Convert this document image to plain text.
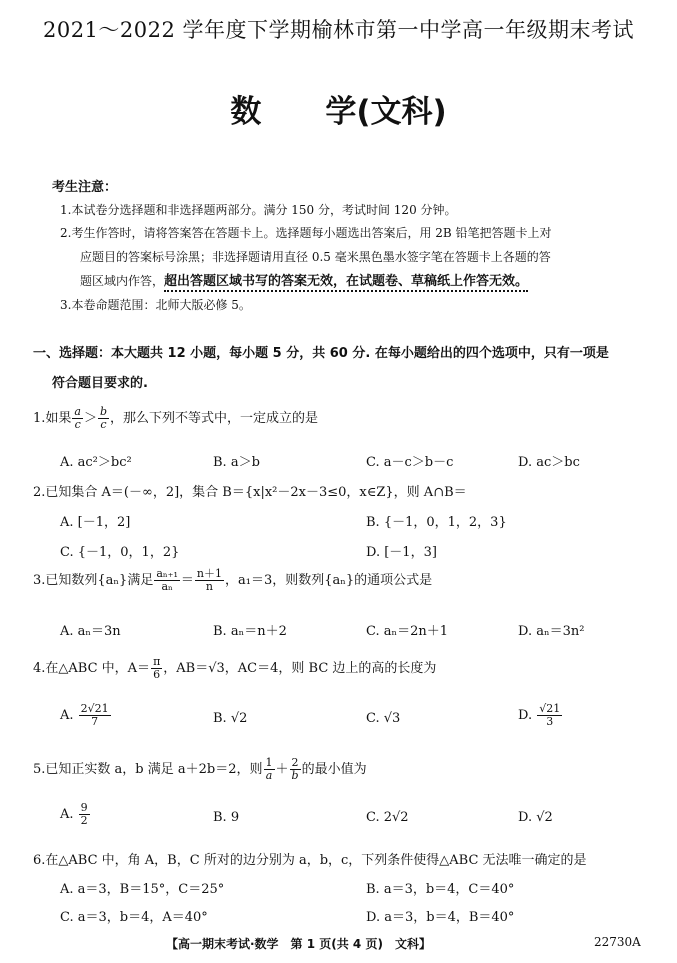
2021～2022 学年度下学期榆林市第一中学高一年级期末考试
数 学(文科)
考生注意：
1.本试卷分选择题和非选择题两部分。满分 150 分，考试时间 120 分钟。
2.考生作答时，请将答案答在答题卡上。选择题每小题选出答案后，用 2B 铅笔把答题卡上对
应题目的答案标号涂黑；非选择题请用直径 0.5 毫米黑色墨水签字笔在答题卡上各题的答
题区域内作答，超出答题区域书写的答案无效，在试题卷、草稿纸上作答无效。
3.本卷命题范围：北师大版必修 5。
一、选择题：本大题共 12 小题，每小题 5 分，共 60 分. 在每小题给出的四个选项中，只有一项是
符合题目要求的.
1.如果 $\frac{a}{c} > \frac{b}{c}$ ，那么下列不等式中，一定成立的是
A. ac²＞bc²	B. a＞b	C. a－c＞b－c	D. ac＞bc
2.已知集合 A＝(－∞，2]，集合 B＝{x|x²－2x－3≤0，x∈Z}，则 A∩B＝
A. [－1，2]	B. {－1，0，1，2，3}
C. {－1，0，1，2}	D. [－1，3]
3.已知数列{aₙ}满足 $\frac{\text{aₙ₊₁}}{\text{aₙ}} = \frac{n+1}{n}$ ，a₁＝3，则数列{aₙ}的通项公式是
A. aₙ＝3n	B. aₙ＝n＋2	C. aₙ＝2n＋1	D. aₙ＝3n²
4.在△ABC 中，$A= \frac{\pi}{6}$ ，AB＝√3，AC＝4，则 BC 边上的高的长度为
A. $\frac{2√21}{7}$	B. √2	C. √3	D. $\frac{√21}{3}$
5.已知正实数 a，b 满足 a＋2b＝2，则 $\frac{1}{a} + \frac{2}{b}$ 的最小值为
A. $\frac{9}{2}$	B. 9	C. 2√2	D. √2
6.在△ABC 中，角 A，B，C 所对的边分别为 a，b，c，下列条件使得△ABC 无法唯一确定的是
A. a＝3，B＝15°，C＝25°	B. a＝3，b＝4，C＝40°
C. a＝3，b＝4，A＝40°	D. a＝3，b＝4，B＝40°
【高一期末考试·数学　第 1 页(共 4 页)　文科】	22730A
